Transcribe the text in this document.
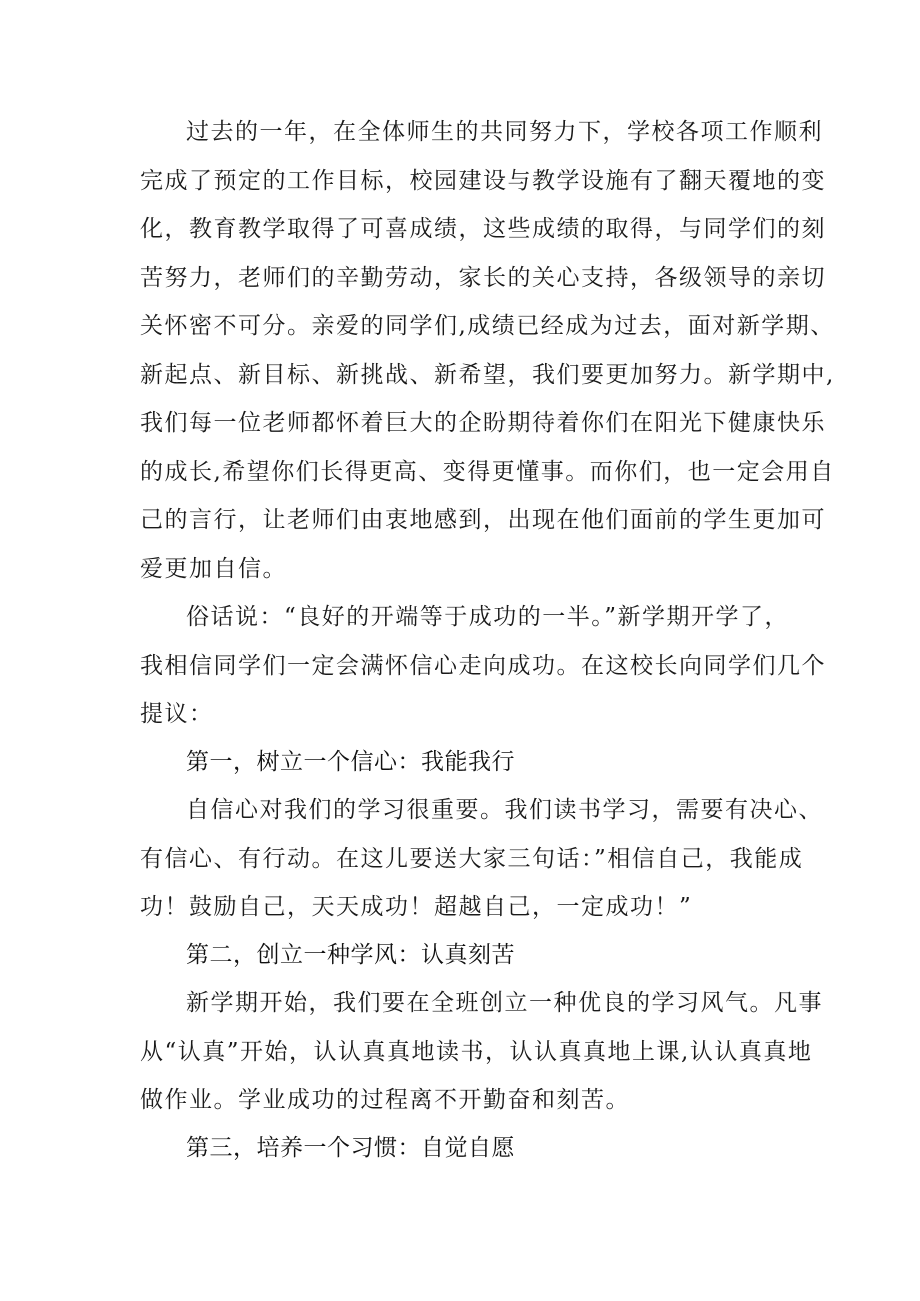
过去的一年，在全体师生的共同努力下，学校各项工作顺利
完成了预定的工作目标，校园建设与教学设施有了翻天覆地的变
化，教育教学取得了可喜成绩，这些成绩的取得，与同学们的刻
苦努力，老师们的辛勤劳动，家长的关心支持，各级领导的亲切
关怀密不可分。亲爱的同学们,成绩已经成为过去，面对新学期、
新起点、新目标、新挑战、新希望，我们要更加努力。新学期中,
我们每一位老师都怀着巨大的企盼期待着你们在阳光下健康快乐
的成长,希望你们长得更高、变得更懂事。而你们，也一定会用自
己的言行，让老师们由衷地感到，出现在他们面前的学生更加可
爱更加自信。
俗话说：“良好的开端等于成功的一半。”新学期开学了，
我相信同学们一定会满怀信心走向成功。在这校长向同学们几个
提议：
第一，树立一个信心：我能我行
自信心对我们的学习很重要。我们读书学习，需要有决心、
有信心、有行动。在这儿要送大家三句话：”相信自己，我能成
功！鼓励自己，天天成功！超越自己，一定成功！”
第二，创立一种学风：认真刻苦
新学期开始，我们要在全班创立一种优良的学习风气。凡事
从“认真”开始，认认真真地读书，认认真真地上课,认认真真地
做作业。学业成功的过程离不开勤奋和刻苦。
第三，培养一个习惯：自觉自愿
